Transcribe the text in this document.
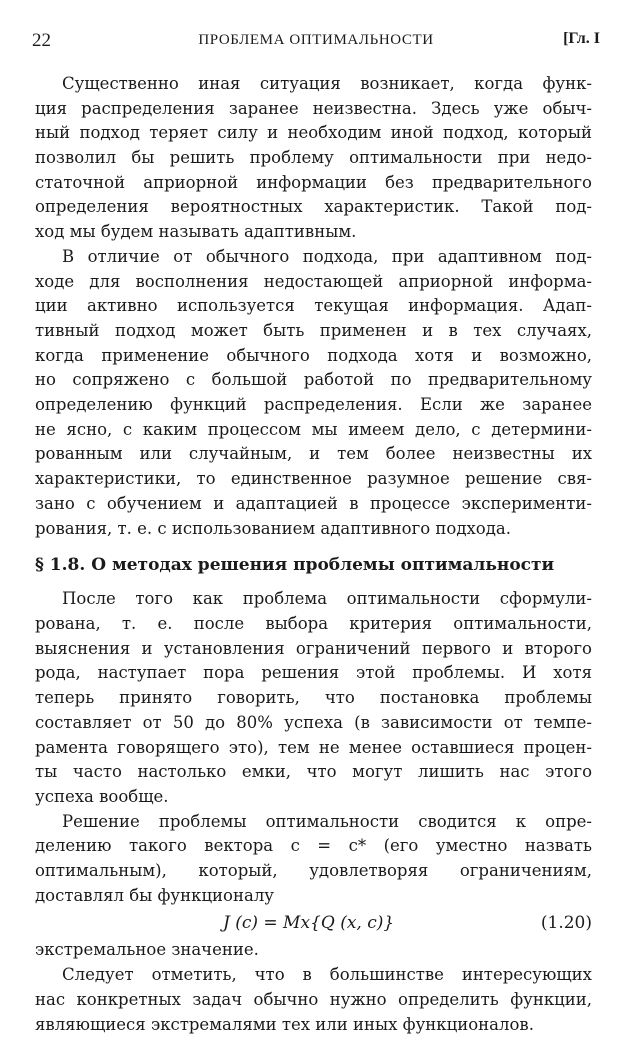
22	ПРОБЛЕМА ОПТИМАЛЬНОСТИ	[Гл. I
Существенно иная ситуация возникает, когда функ-
ция распределения заранее неизвестна. Здесь уже обыч-
ный подход теряет силу и необходим иной подход, который
позволил бы решить проблему оптимальности при недо-
статочной априорной информации без предварительного
определения вероятностных характеристик. Такой под-
ход мы будем называть адаптивным.
В отличие от обычного подхода, при адаптивном под-
ходе для восполнения недостающей априорной информа-
ции активно используется текущая информация. Адап-
тивный подход может быть применен и в тех случаях,
когда применение обычного подхода хотя и возможно,
но сопряжено с большой работой по предварительному
определению функций распределения. Если же заранее
не ясно, с каким процессом мы имеем дело, с детермини-
рованным или случайным, и тем более неизвестны их
характеристики, то единственное разумное решение свя-
зано с обучением и адаптацией в процессе эксперименти-
рования, т. е. с использованием адаптивного подхода.
§ 1.8. О методах решения проблемы оптимальности
После того как проблема оптимальности сформули-
рована, т. е. после выбора критерия оптимальности,
выяснения и установления ограничений первого и второго
рода, наступает пора решения этой проблемы. И хотя
теперь принято говорить, что постановка проблемы
составляет от 50 до 80% успеха (в зависимости от темпе-
рамента говорящего это), тем не менее оставшиеся процен-
ты часто настолько емки, что могут лишить нас этого
успеха вообще.
Решение проблемы оптимальности сводится к опре-
делению такого вектора c = c* (его уместно назвать
оптимальным), который, удовлетворяя ограничениям,
доставлял бы функционалу
J (c) = Mx{Q (x, c)}	(1.20)
экстремальное значение.
Следует отметить, что в большинстве интересующих
нас конкретных задач обычно нужно определить функции,
являющиеся экстремалями тех или иных функционалов.
